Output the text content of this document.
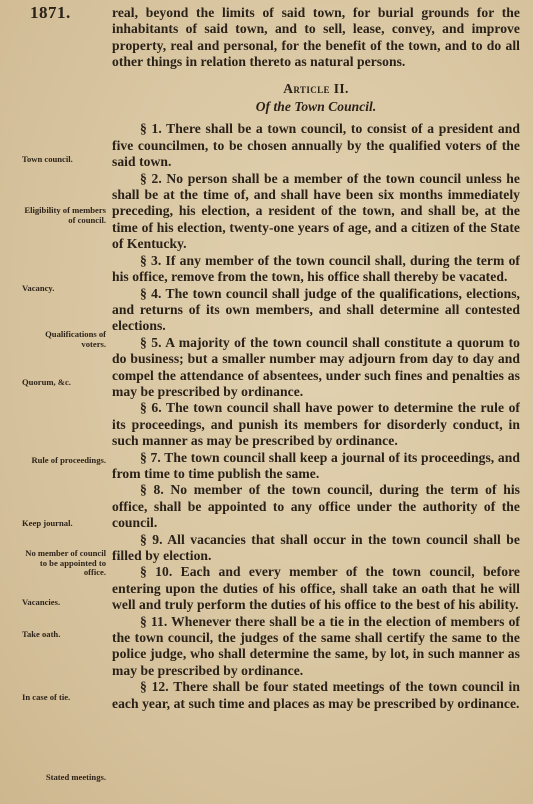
1871.	real, beyond the limits of said town, for burial grounds for the inhabitants of said town, and to sell, lease, convey, and improve property, real and personal, for the benefit of the town, and to do all other things in relation thereto as natural persons.

Article II.

Of the Town Council.

§ 1. There shall be a town council, to consist of a president and five councilmen, to be chosen annually by the qualified voters of the said town.

§ 2. No person shall be a member of the town council unless he shall be at the time of, and shall have been six months immediately preceding, his election, a resident of the town, and shall be, at the time of his election, twenty-one years of age, and a citizen of the State of Kentucky.

§ 3. If any member of the town council shall, during the term of his office, remove from the town, his office shall thereby be vacated.

§ 4. The town council shall judge of the qualifications, elections, and returns of its own members, and shall determine all contested elections.

§ 5. A majority of the town council shall constitute a quorum to do business; but a smaller number may adjourn from day to day and compel the attendance of absentees, under such fines and penalties as may be prescribed by ordinance.

§ 6. The town council shall have power to determine the rule of its proceedings, and punish its members for disorderly conduct, in such manner as may be prescribed by ordinance.

§ 7. The town council shall keep a journal of its proceedings, and from time to time publish the same.

§ 8. No member of the town council, during the term of his office, shall be appointed to any office under the authority of the council.

§ 9. All vacancies that shall occur in the town council shall be filled by election.

§ 10. Each and every member of the town council, before entering upon the duties of his office, shall take an oath that he will well and truly perform the duties of his office to the best of his ability.

§ 11. Whenever there shall be a tie in the election of members of the town council, the judges of the same shall certify the same to the police judge, who shall determine the same, by lot, in such manner as may be prescribed by ordinance.

§ 12. There shall be four stated meetings of the town council in each year, at such time and places as may be prescribed by ordinance.

Town council.
Eligibility of members of council.
Vacancy.
Qualifications of voters.
Quorum, &c.
Rule of proceedings.
Keep journal.
No member of council to be appointed to office.
Vacancies.
Take oath.
In case of tie.
Stated meetings.
